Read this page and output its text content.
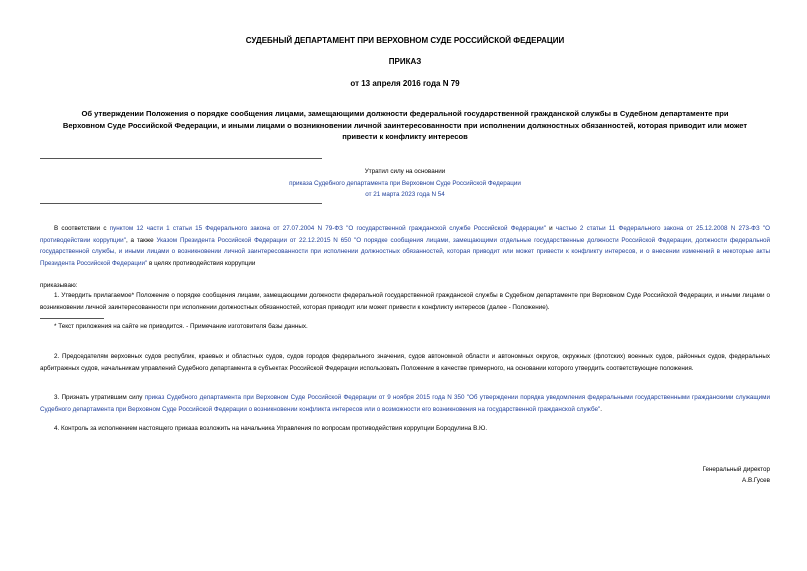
СУДЕБНЫЙ ДЕПАРТАМЕНТ ПРИ ВЕРХОВНОМ СУДЕ РОССИЙСКОЙ ФЕДЕРАЦИИ
ПРИКАЗ
от 13 апреля 2016 года N 79
Об утверждении Положения о порядке сообщения лицами, замещающими должности федеральной государственной гражданской службы в Судебном департаменте при Верховном Суде Российской Федерации, и иными лицами о возникновении личной заинтересованности при исполнении должностных обязанностей, которая приводит или может привести к конфликту интересов
Утратил силу на основании
приказа Судебного департамента при Верховном Суде Российской Федерации
от 21 марта 2023 года N 54
В соответствии с пунктом 12 части 1 статьи 15 Федерального закона от 27.07.2004 N 79-ФЗ "О государственной гражданской службе Российской Федерации" и частью 2 статьи 11 Федерального закона от 25.12.2008 N 273-ФЗ "О противодействии коррупции", а также Указом Президента Российской Федерации от 22.12.2015 N 650 "О порядке сообщения лицами, замещающими отдельные государственные должности Российской Федерации, должности федеральной государственной службы, и иными лицами о возникновении личной заинтересованности при исполнении должностных обязанностей, которая приводит или может привести к конфликту интересов, и о внесении изменений в некоторые акты Президента Российской Федерации" в целях противодействия коррупции
приказываю:
1. Утвердить прилагаемое* Положение о порядке сообщения лицами, замещающими должности федеральной государственной гражданской службы в Судебном департаменте при Верховном Суде Российской Федерации, и иными лицами о возникновении личной заинтересованности при исполнении должностных обязанностей, которая приводит или может привести к конфликту интересов (далее - Положение).
* Текст приложения на сайте не приводится. - Примечание изготовителя базы данных.
2. Председателям верховных судов республик, краевых и областных судов, судов городов федерального значения, судов автономной области и автономных округов, окружных (флотских) военных судов, районных судов, федеральных арбитражных судов, начальникам управлений Судебного департамента в субъектах Российской Федерации использовать Положение в качестве примерного, на основании которого утвердить соответствующие положения.
3. Признать утратившим силу приказ Судебного департамента при Верховном Суде Российской Федерации от 9 ноября 2015 года N 350 "Об утверждении порядка уведомления федеральными государственными гражданскими служащими Судебного департамента при Верховном Суде Российской Федерации о возникновении конфликта интересов или о возможности его возникновения на государственной гражданской службе".
4. Контроль за исполнением настоящего приказа возложить на начальника Управления по вопросам противодействия коррупции Бородулина В.Ю.
Генеральный директор
А.В.Гусев
